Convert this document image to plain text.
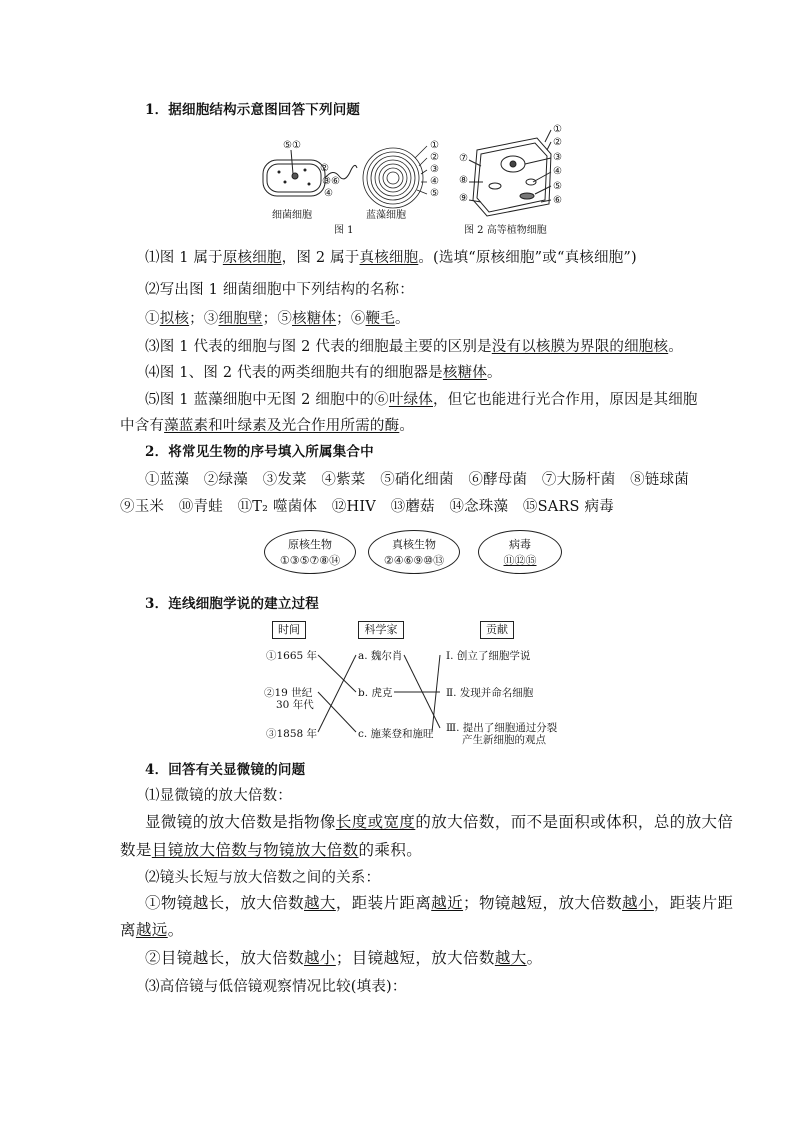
1．据细胞结构示意图回答下列问题
⑤①
②
③⑥
④
①
②
③
④
⑤
①
②
③
④
⑤
⑥
⑦
⑧
⑨
细菌细胞	蓝藻细胞
图 1	图 2 高等植物细胞
⑴图 1 属于原核细胞，图 2 属于真核细胞。(选填“原核细胞”或“真核细胞”)
⑵写出图 1 细菌细胞中下列结构的名称：
①拟核；③细胞壁；⑤核糖体；⑥鞭毛。
⑶图 1 代表的细胞与图 2 代表的细胞最主要的区别是没有以核膜为界限的细胞核。
⑷图 1、图 2 代表的两类细胞共有的细胞器是核糖体。
⑸图 1 蓝藻细胞中无图 2 细胞中的⑥叶绿体，但它也能进行光合作用，原因是其细胞
中含有藻蓝素和叶绿素及光合作用所需的酶。
2．将常见生物的序号填入所属集合中
①蓝藻　②绿藻　③发菜　④紫菜　⑤硝化细菌　⑥酵母菌　⑦大肠杆菌　⑧链球菌
⑨玉米　⑩青蛙　⑪T₂ 噬菌体　⑫HIV　⑬蘑菇　⑭念珠藻　⑮SARS 病毒
原核生物
①③⑤⑦⑧⑭
真核生物
②④⑥⑨⑩⑬
病毒
⑪⑫⑮
3．连线细胞学说的建立过程
时间	科学家	贡献
①1665 年
②19 世纪
30 年代
③1858 年
a. 魏尔肖
b. 虎克
c. 施莱登和施旺
Ⅰ. 创立了细胞学说
Ⅱ. 发现并命名细胞
Ⅲ. 提出了细胞通过分裂
产生新细胞的观点
4．回答有关显微镜的问题
⑴显微镜的放大倍数：
显微镜的放大倍数是指物像长度或宽度的放大倍数，而不是面积或体积，总的放大倍
数是目镜放大倍数与物镜放大倍数的乘积。
⑵镜头长短与放大倍数之间的关系：
①物镜越长，放大倍数越大，距装片距离越近；物镜越短，放大倍数越小，距装片距
离越远。
②目镜越长，放大倍数越小；目镜越短，放大倍数越大。
⑶高倍镜与低倍镜观察情况比较(填表)：
